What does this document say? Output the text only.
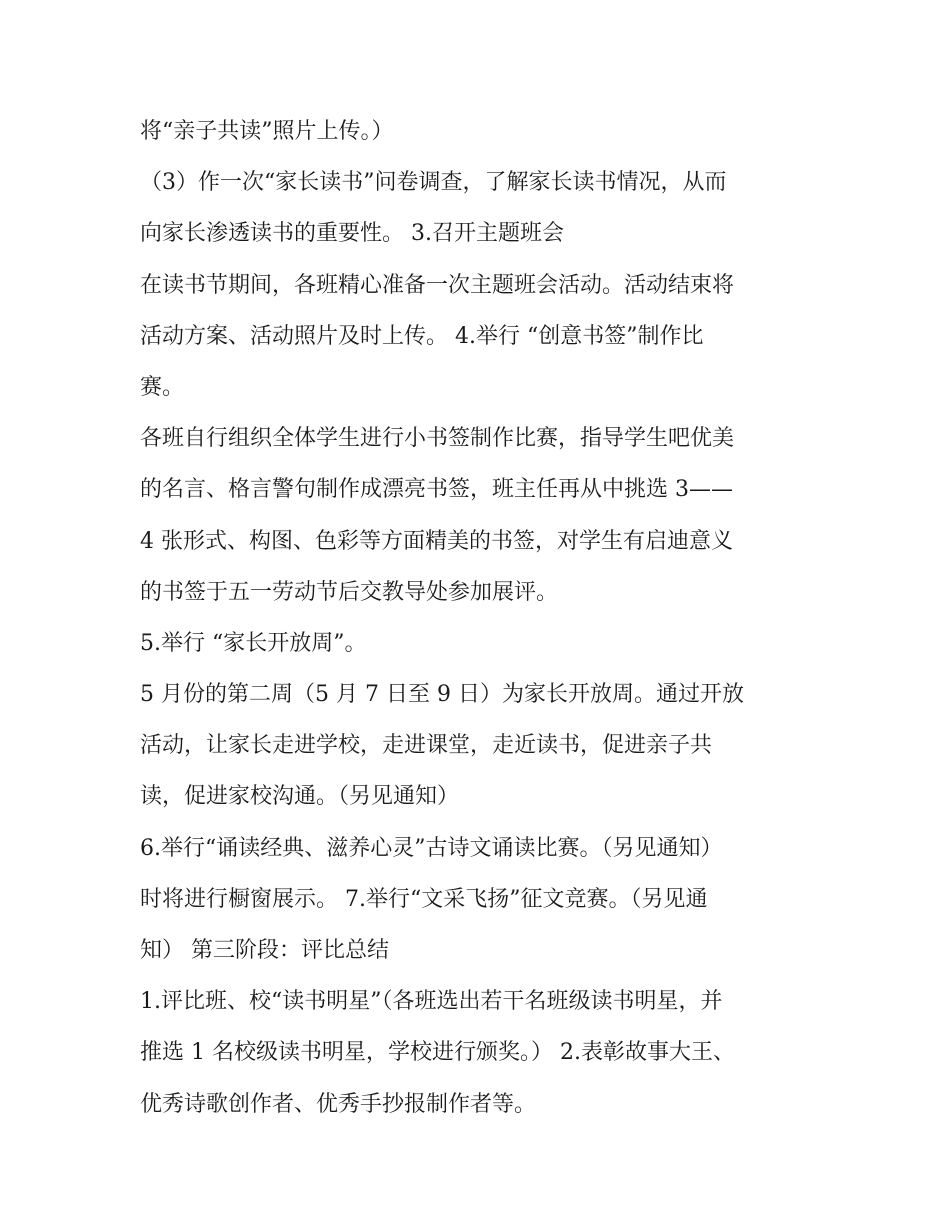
将“亲子共读”照片上传。）
（3）作一次“家长读书”问卷调查，了解家长读书情况，从而
向家长渗透读书的重要性。 3.召开主题班会
在读书节期间，各班精心准备一次主题班会活动。活动结束将
活动方案、活动照片及时上传。 4.举行 “创意书签”制作比
赛。
各班自行组织全体学生进行小书签制作比赛，指导学生吧优美
的名言、格言警句制作成漂亮书签，班主任再从中挑选 3——
4 张形式、构图、色彩等方面精美的书签，对学生有启迪意义
的书签于五一劳动节后交教导处参加展评。
5.举行 “家长开放周”。
5 月份的第二周（5 月 7 日至 9 日）为家长开放周。通过开放
活动，让家长走进学校，走进课堂，走近读书，促进亲子共
读，促进家校沟通。（另见通知）
6.举行“诵读经典、滋养心灵”古诗文诵读比赛。（另见通知）
时将进行橱窗展示。 7.举行“文采飞扬”征文竞赛。（另见通
知） 第三阶段：评比总结
1.评比班、校“读书明星”（各班选出若干名班级读书明星，并
推选 1 名校级读书明星，学校进行颁奖。） 2.表彰故事大王、
优秀诗歌创作者、优秀手抄报制作者等。
